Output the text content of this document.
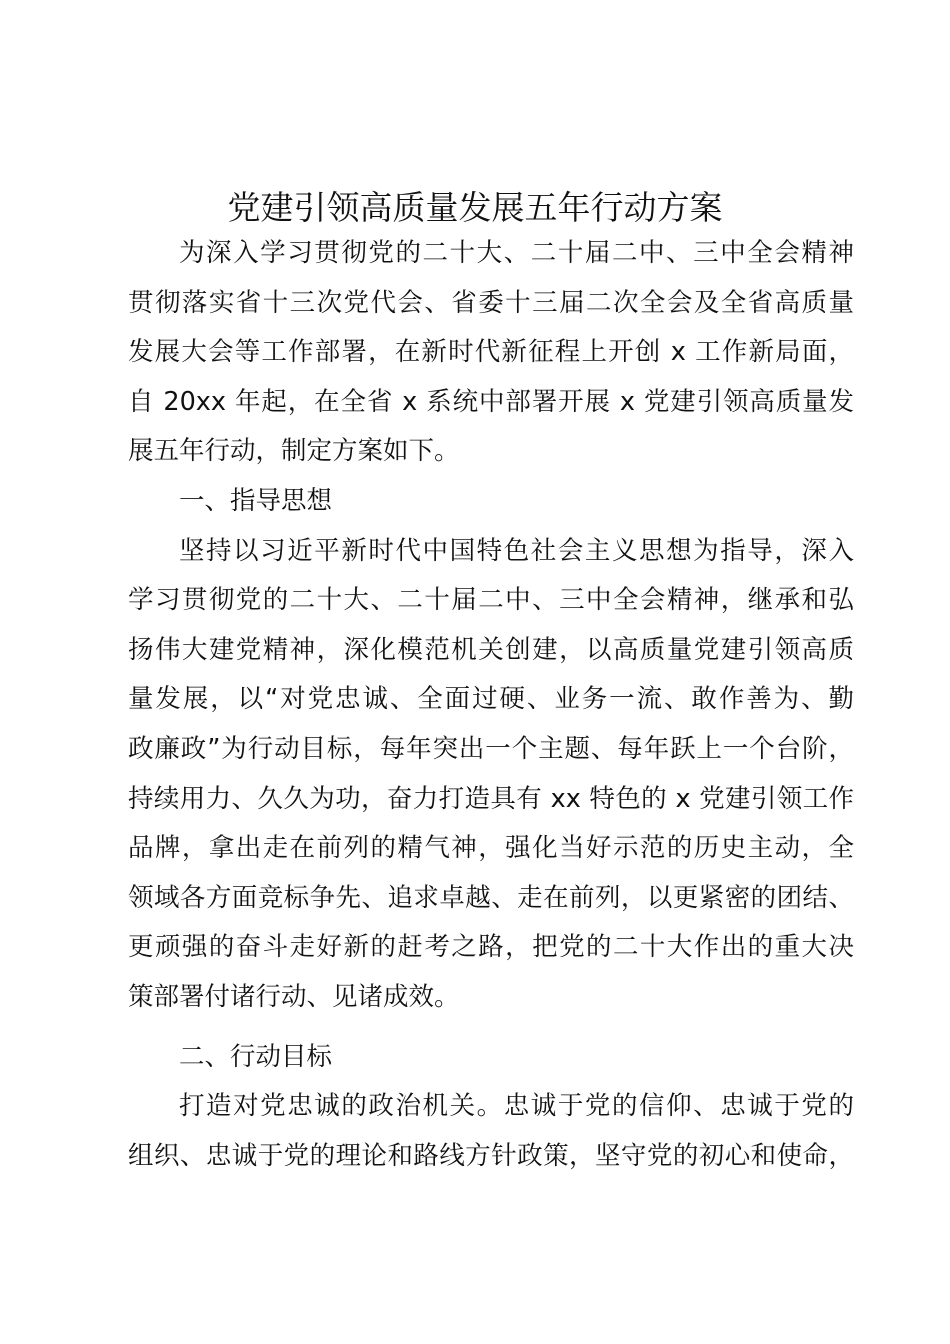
党建引领高质量发展五年行动方案
为深入学习贯彻党的二十大、二十届二中、三中全会精神
贯彻落实省十三次党代会、省委十三届二次全会及全省高质量
发展大会等工作部署，在新时代新征程上开创 x 工作新局面，
自 20xx 年起，在全省 x 系统中部署开展 x 党建引领高质量发
展五年行动，制定方案如下。
一、指导思想
坚持以习近平新时代中国特色社会主义思想为指导，深入
学习贯彻党的二十大、二十届二中、三中全会精神，继承和弘
扬伟大建党精神，深化模范机关创建，以高质量党建引领高质
量发展，以“对党忠诚、全面过硬、业务一流、敢作善为、勤
政廉政”为行动目标，每年突出一个主题、每年跃上一个台阶，
持续用力、久久为功，奋力打造具有 xx 特色的 x 党建引领工作
品牌，拿出走在前列的精气神，强化当好示范的历史主动，全
领域各方面竞标争先、追求卓越、走在前列，以更紧密的团结、
更顽强的奋斗走好新的赶考之路，把党的二十大作出的重大决
策部署付诸行动、见诸成效。
二、行动目标
打造对党忠诚的政治机关。忠诚于党的信仰、忠诚于党的
组织、忠诚于党的理论和路线方针政策，坚守党的初心和使命，
